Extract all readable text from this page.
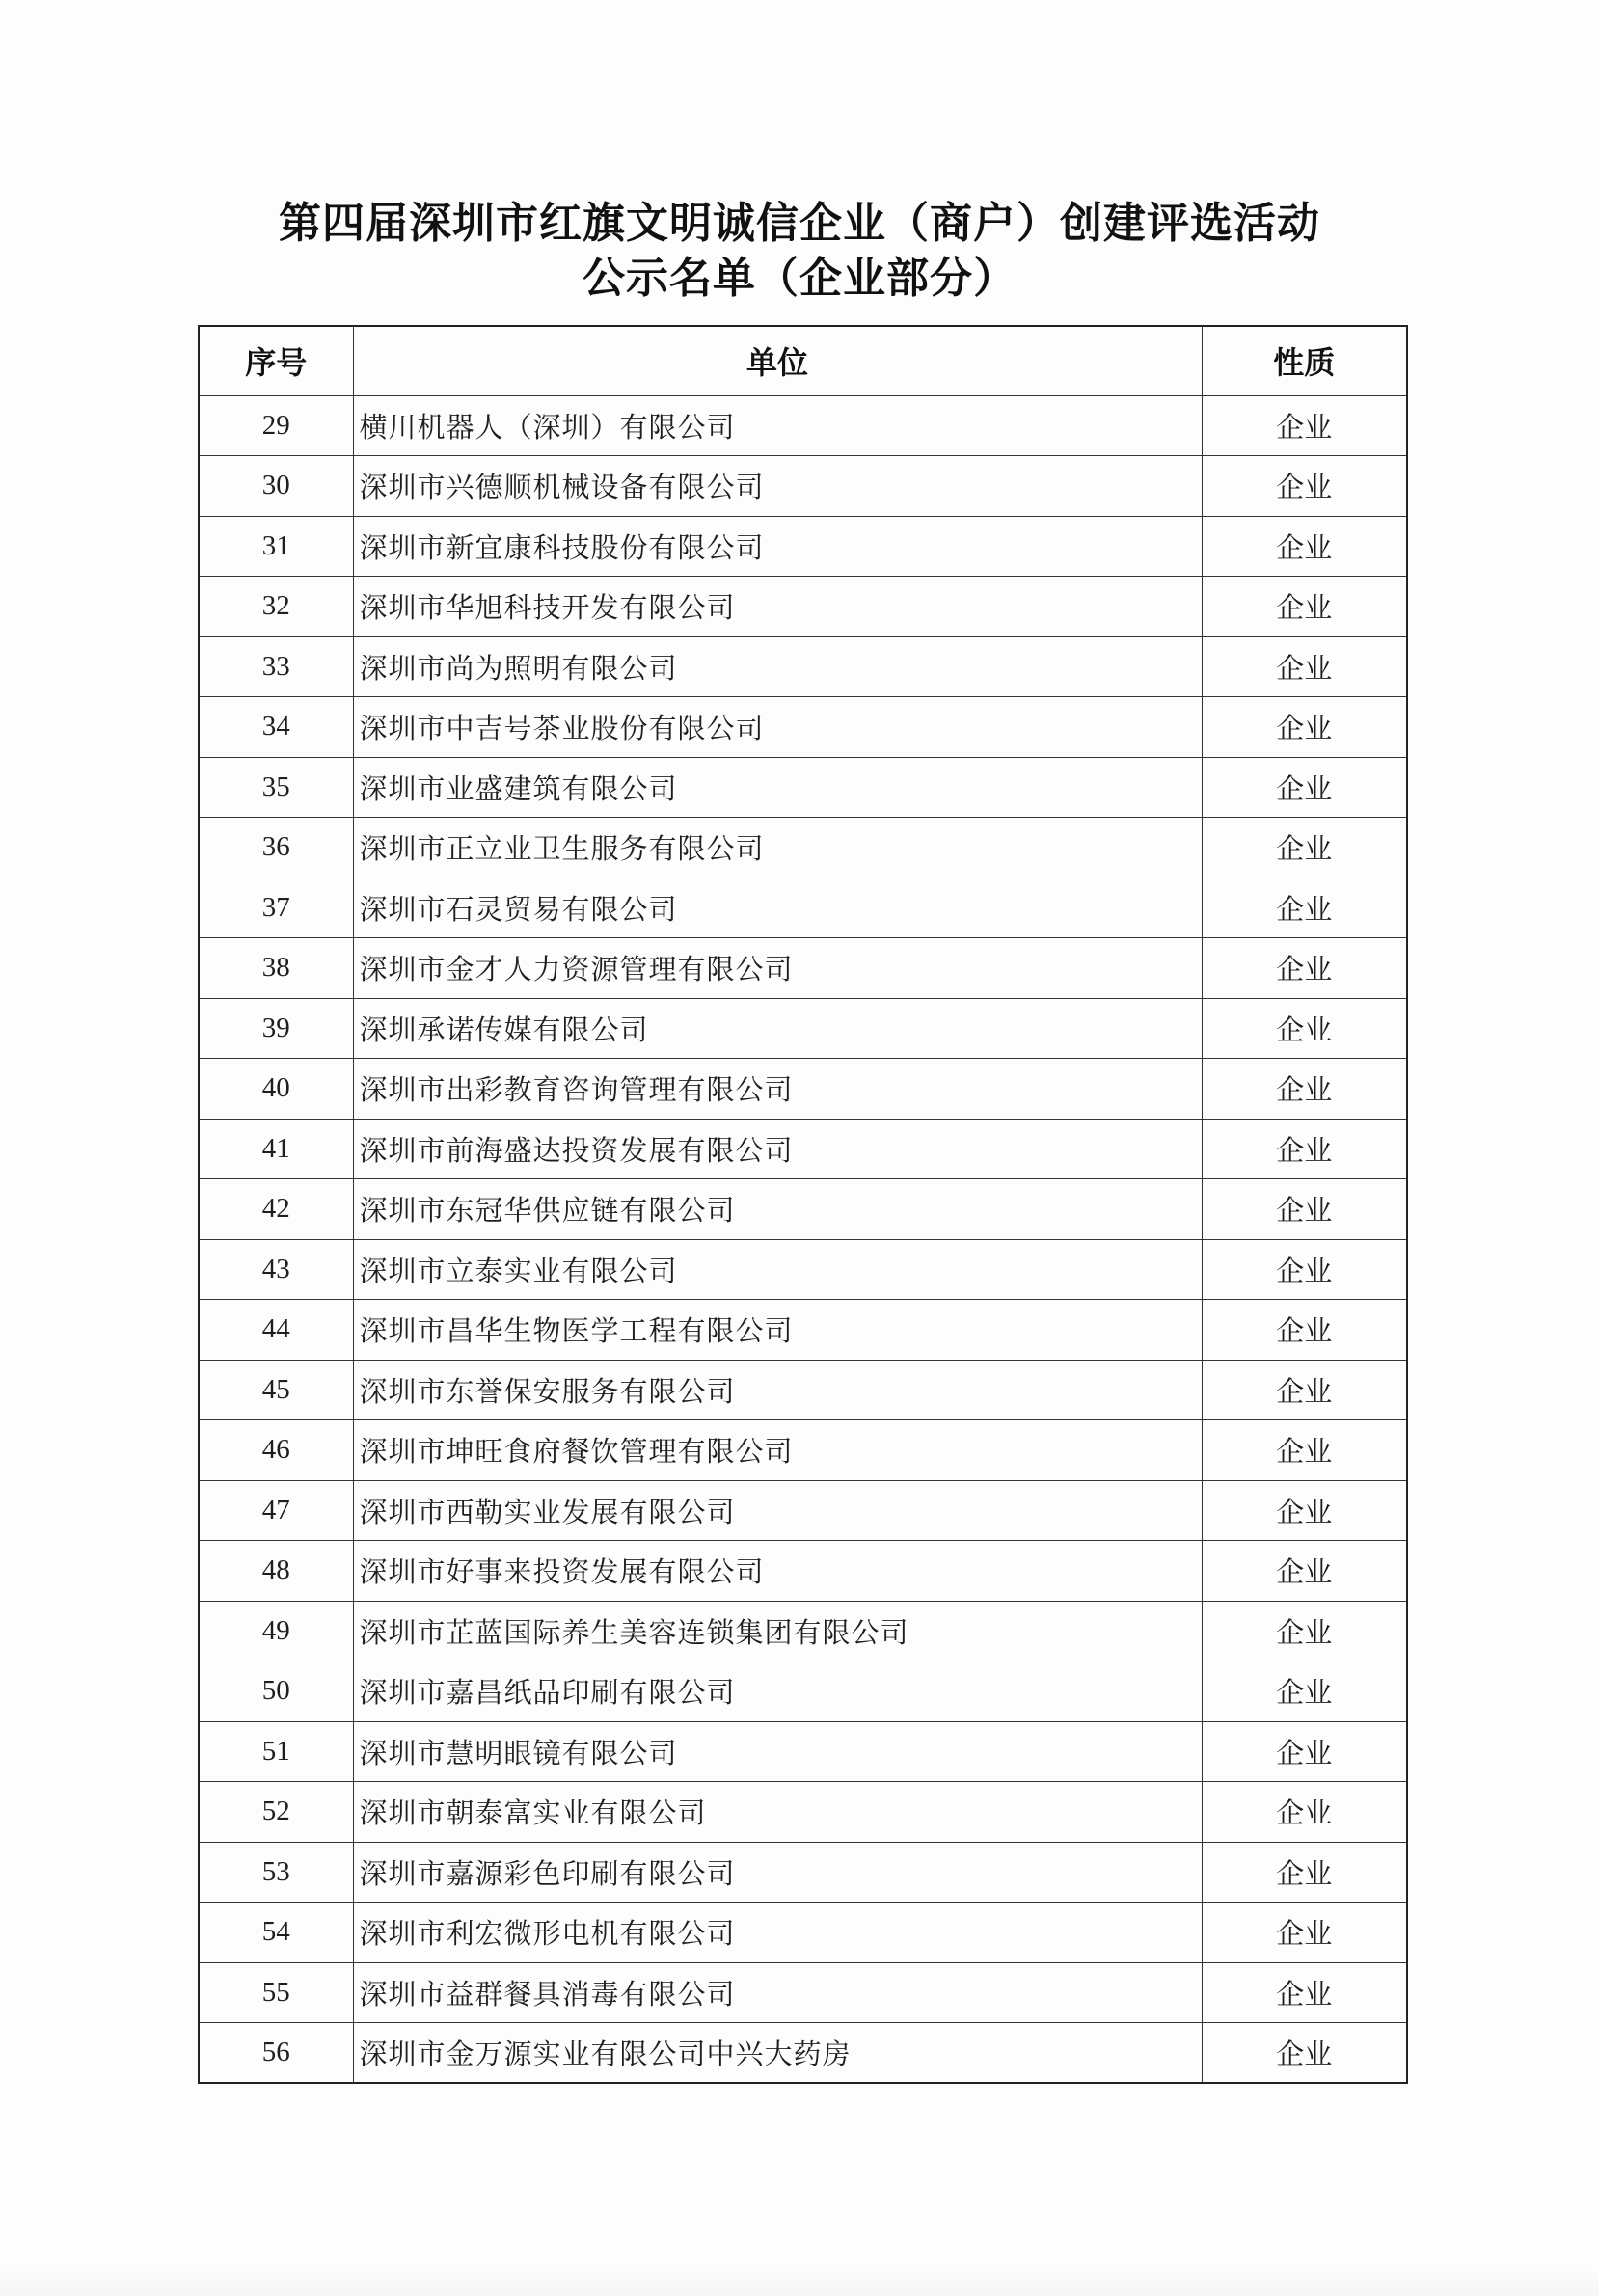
第四届深圳市红旗文明诚信企业（商户）创建评选活动
公示名单（企业部分）
序号	单位	性质
29	横川机器人（深圳）有限公司	企业
30	深圳市兴德顺机械设备有限公司	企业
31	深圳市新宜康科技股份有限公司	企业
32	深圳市华旭科技开发有限公司	企业
33	深圳市尚为照明有限公司	企业
34	深圳市中吉号茶业股份有限公司	企业
35	深圳市业盛建筑有限公司	企业
36	深圳市正立业卫生服务有限公司	企业
37	深圳市石灵贸易有限公司	企业
38	深圳市金才人力资源管理有限公司	企业
39	深圳承诺传媒有限公司	企业
40	深圳市出彩教育咨询管理有限公司	企业
41	深圳市前海盛达投资发展有限公司	企业
42	深圳市东冠华供应链有限公司	企业
43	深圳市立泰实业有限公司	企业
44	深圳市昌华生物医学工程有限公司	企业
45	深圳市东誉保安服务有限公司	企业
46	深圳市坤旺食府餐饮管理有限公司	企业
47	深圳市西勒实业发展有限公司	企业
48	深圳市好事来投资发展有限公司	企业
49	深圳市芷蓝国际养生美容连锁集团有限公司	企业
50	深圳市嘉昌纸品印刷有限公司	企业
51	深圳市慧明眼镜有限公司	企业
52	深圳市朝泰富实业有限公司	企业
53	深圳市嘉源彩色印刷有限公司	企业
54	深圳市利宏微形电机有限公司	企业
55	深圳市益群餐具消毒有限公司	企业
56	深圳市金万源实业有限公司中兴大药房	企业
